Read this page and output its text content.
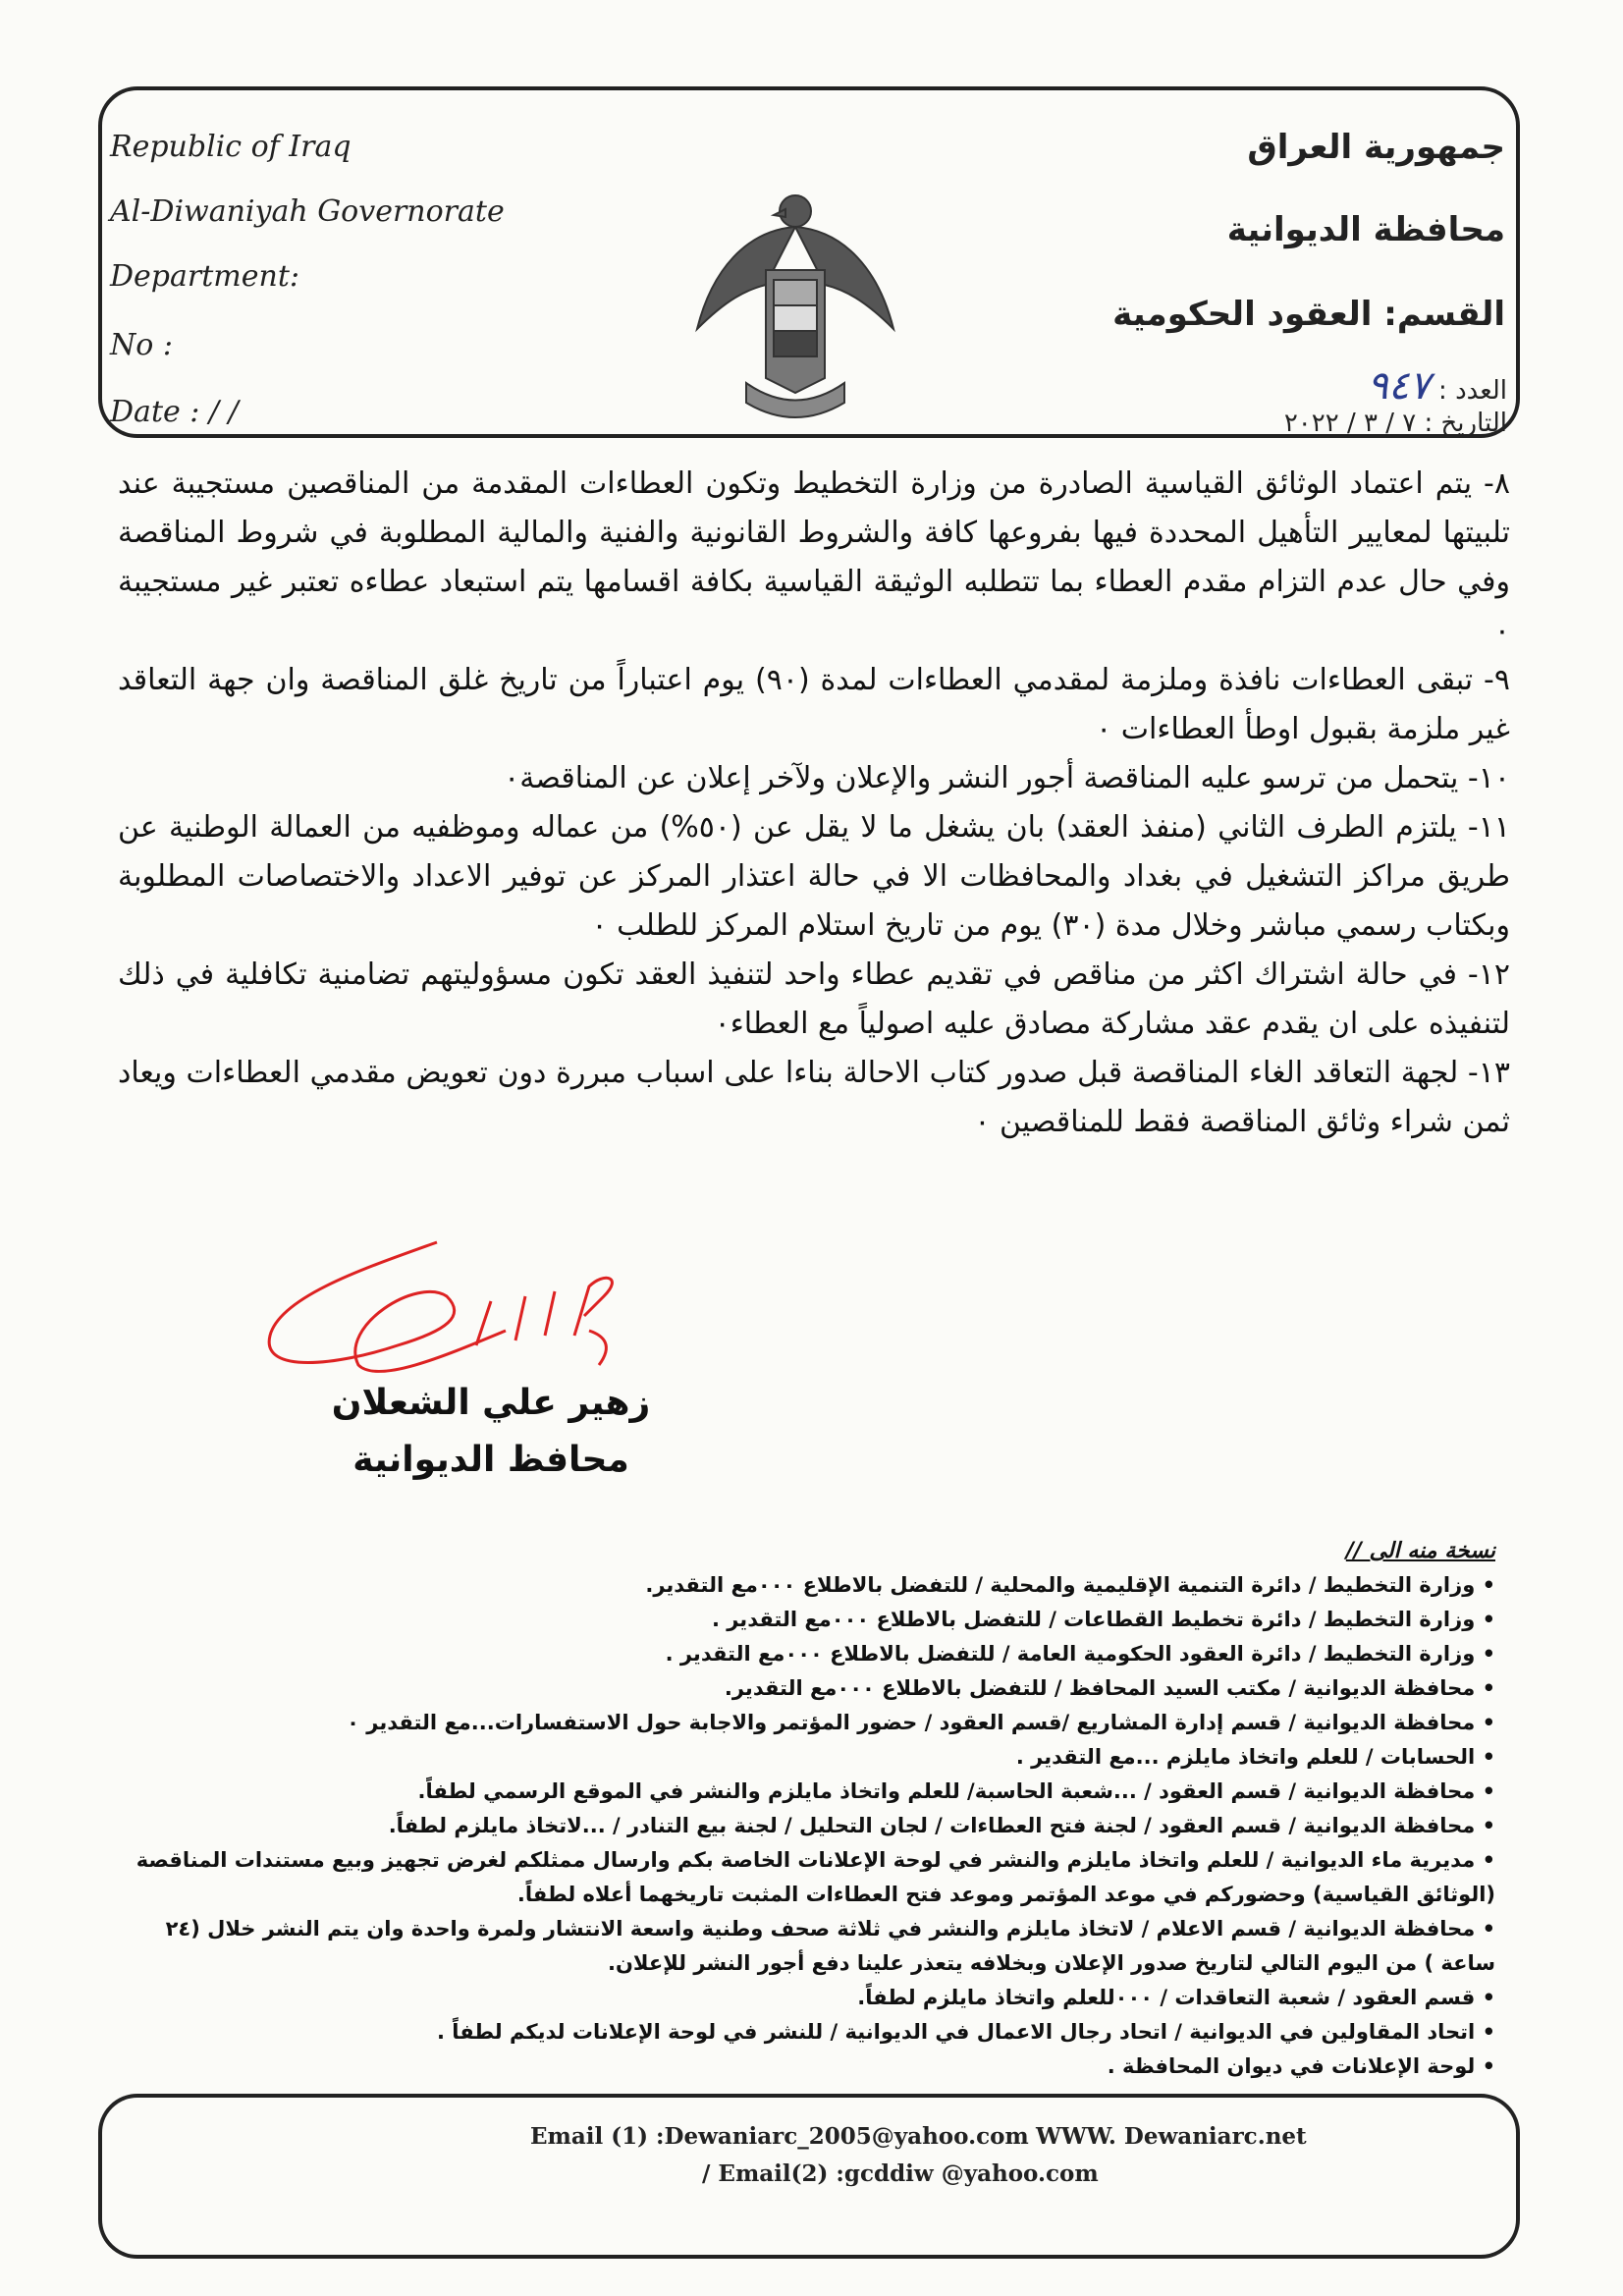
Republic of Iraq
Al-Diwaniyah Governorate
Department:
No :
Date : / /
جمهورية العراق
محافظة الديوانية
القسم: العقود الحكومية
العدد : ٩٤٧
التاريخ : ٧ / ٣ / ٢٠٢٢

٨- يتم اعتماد الوثائق القياسية الصادرة من وزارة التخطيط وتكون العطاءات المقدمة من المناقصين مستجيبة عند تلبيتها لمعايير التأهيل المحددة فيها بفروعها كافة والشروط القانونية والفنية والمالية المطلوبة في شروط المناقصة وفي حال عدم التزام مقدم العطاء بما تتطلبه الوثيقة القياسية بكافة اقسامها يتم استبعاد عطاءه تعتبر غير مستجيبة ٠

٩- تبقى العطاءات نافذة وملزمة لمقدمي العطاءات لمدة (٩٠) يوم اعتباراً من تاريخ غلق المناقصة وان جهة التعاقد غير ملزمة بقبول اوطأ العطاءات ٠

١٠- يتحمل من ترسو عليه المناقصة أجور النشر والإعلان ولآخر إعلان عن المناقصة٠

١١- يلتزم الطرف الثاني (منفذ العقد) بان يشغل ما لا يقل عن (٥٠%) من عماله وموظفيه من العمالة الوطنية عن طريق مراكز التشغيل في بغداد والمحافظات الا في حالة اعتذار المركز عن توفير الاعداد والاختصاصات المطلوبة وبكتاب رسمي مباشر وخلال مدة (٣٠) يوم من تاريخ استلام المركز للطلب ٠

١٢- في حالة اشتراك اكثر من مناقص في تقديم عطاء واحد لتنفيذ العقد تكون مسؤوليتهم تضامنية تكافلية في ذلك لتنفيذه على ان يقدم عقد مشاركة مصادق عليه اصولياً مع العطاء٠

١٣- لجهة التعاقد الغاء المناقصة قبل صدور كتاب الاحالة بناءا على اسباب مبررة دون تعويض مقدمي العطاءات ويعاد ثمن شراء وثائق المناقصة فقط للمناقصين ٠

زهير علي الشعلان
محافظ الديوانية
نسخة منه الى //
• وزارة التخطيط / دائرة التنمية الإقليمية والمحلية / للتفضل بالاطلاع ٠٠٠مع التقدير.
• وزارة التخطيط / دائرة تخطيط القطاعات / للتفضل بالاطلاع ٠٠٠مع التقدير .
• وزارة التخطيط / دائرة العقود الحكومية العامة / للتفضل بالاطلاع ٠٠٠مع التقدير .
• محافظة الديوانية / مكتب السيد المحافظ / للتفضل بالاطلاع ٠٠٠مع التقدير.
• محافظة الديوانية / قسم إدارة المشاريع /قسم العقود / حضور المؤتمر والاجابة حول الاستفسارات...مع التقدير ٠
• الحسابات / للعلم واتخاذ مايلزم ...مع التقدير .
• محافظة الديوانية / قسم العقود / ...شعبة الحاسبة/ للعلم واتخاذ مايلزم والنشر في الموقع الرسمي لطفاً.
• محافظة الديوانية / قسم العقود / لجنة فتح العطاءات / لجان التحليل / لجنة بيع التنادر / ...لاتخاذ مايلزم لطفاً.
• مديرية ماء الديوانية / للعلم واتخاذ مايلزم والنشر في لوحة الإعلانات الخاصة بكم وارسال ممثلكم لغرض تجهيز وبيع مستندات المناقصة (الوثائق القياسية) وحضوركم في موعد المؤتمر وموعد فتح العطاءات المثبت تاريخهما أعلاه لطفاً.
• محافظة الديوانية / قسم الاعلام / لاتخاذ مايلزم والنشر في ثلاثة صحف وطنية واسعة الانتشار ولمرة واحدة وان يتم النشر خلال (٢٤ ساعة ) من اليوم التالي لتاريخ صدور الإعلان وبخلافه يتعذر علينا دفع أجور النشر للإعلان.
• قسم العقود / شعبة التعاقدات / ٠٠٠للعلم واتخاذ مايلزم لطفاً.
• اتحاد المقاولين في الديوانية / اتحاد رجال الاعمال في الديوانية / للنشر في لوحة الإعلانات لديكم لطفاً .
• لوحة الإعلانات في ديوان المحافظة .
Email (1) :Dewaniarc_2005@yahoo.com WWW. Dewaniarc.net
/ Email(2) :gcddiw @yahoo.com
